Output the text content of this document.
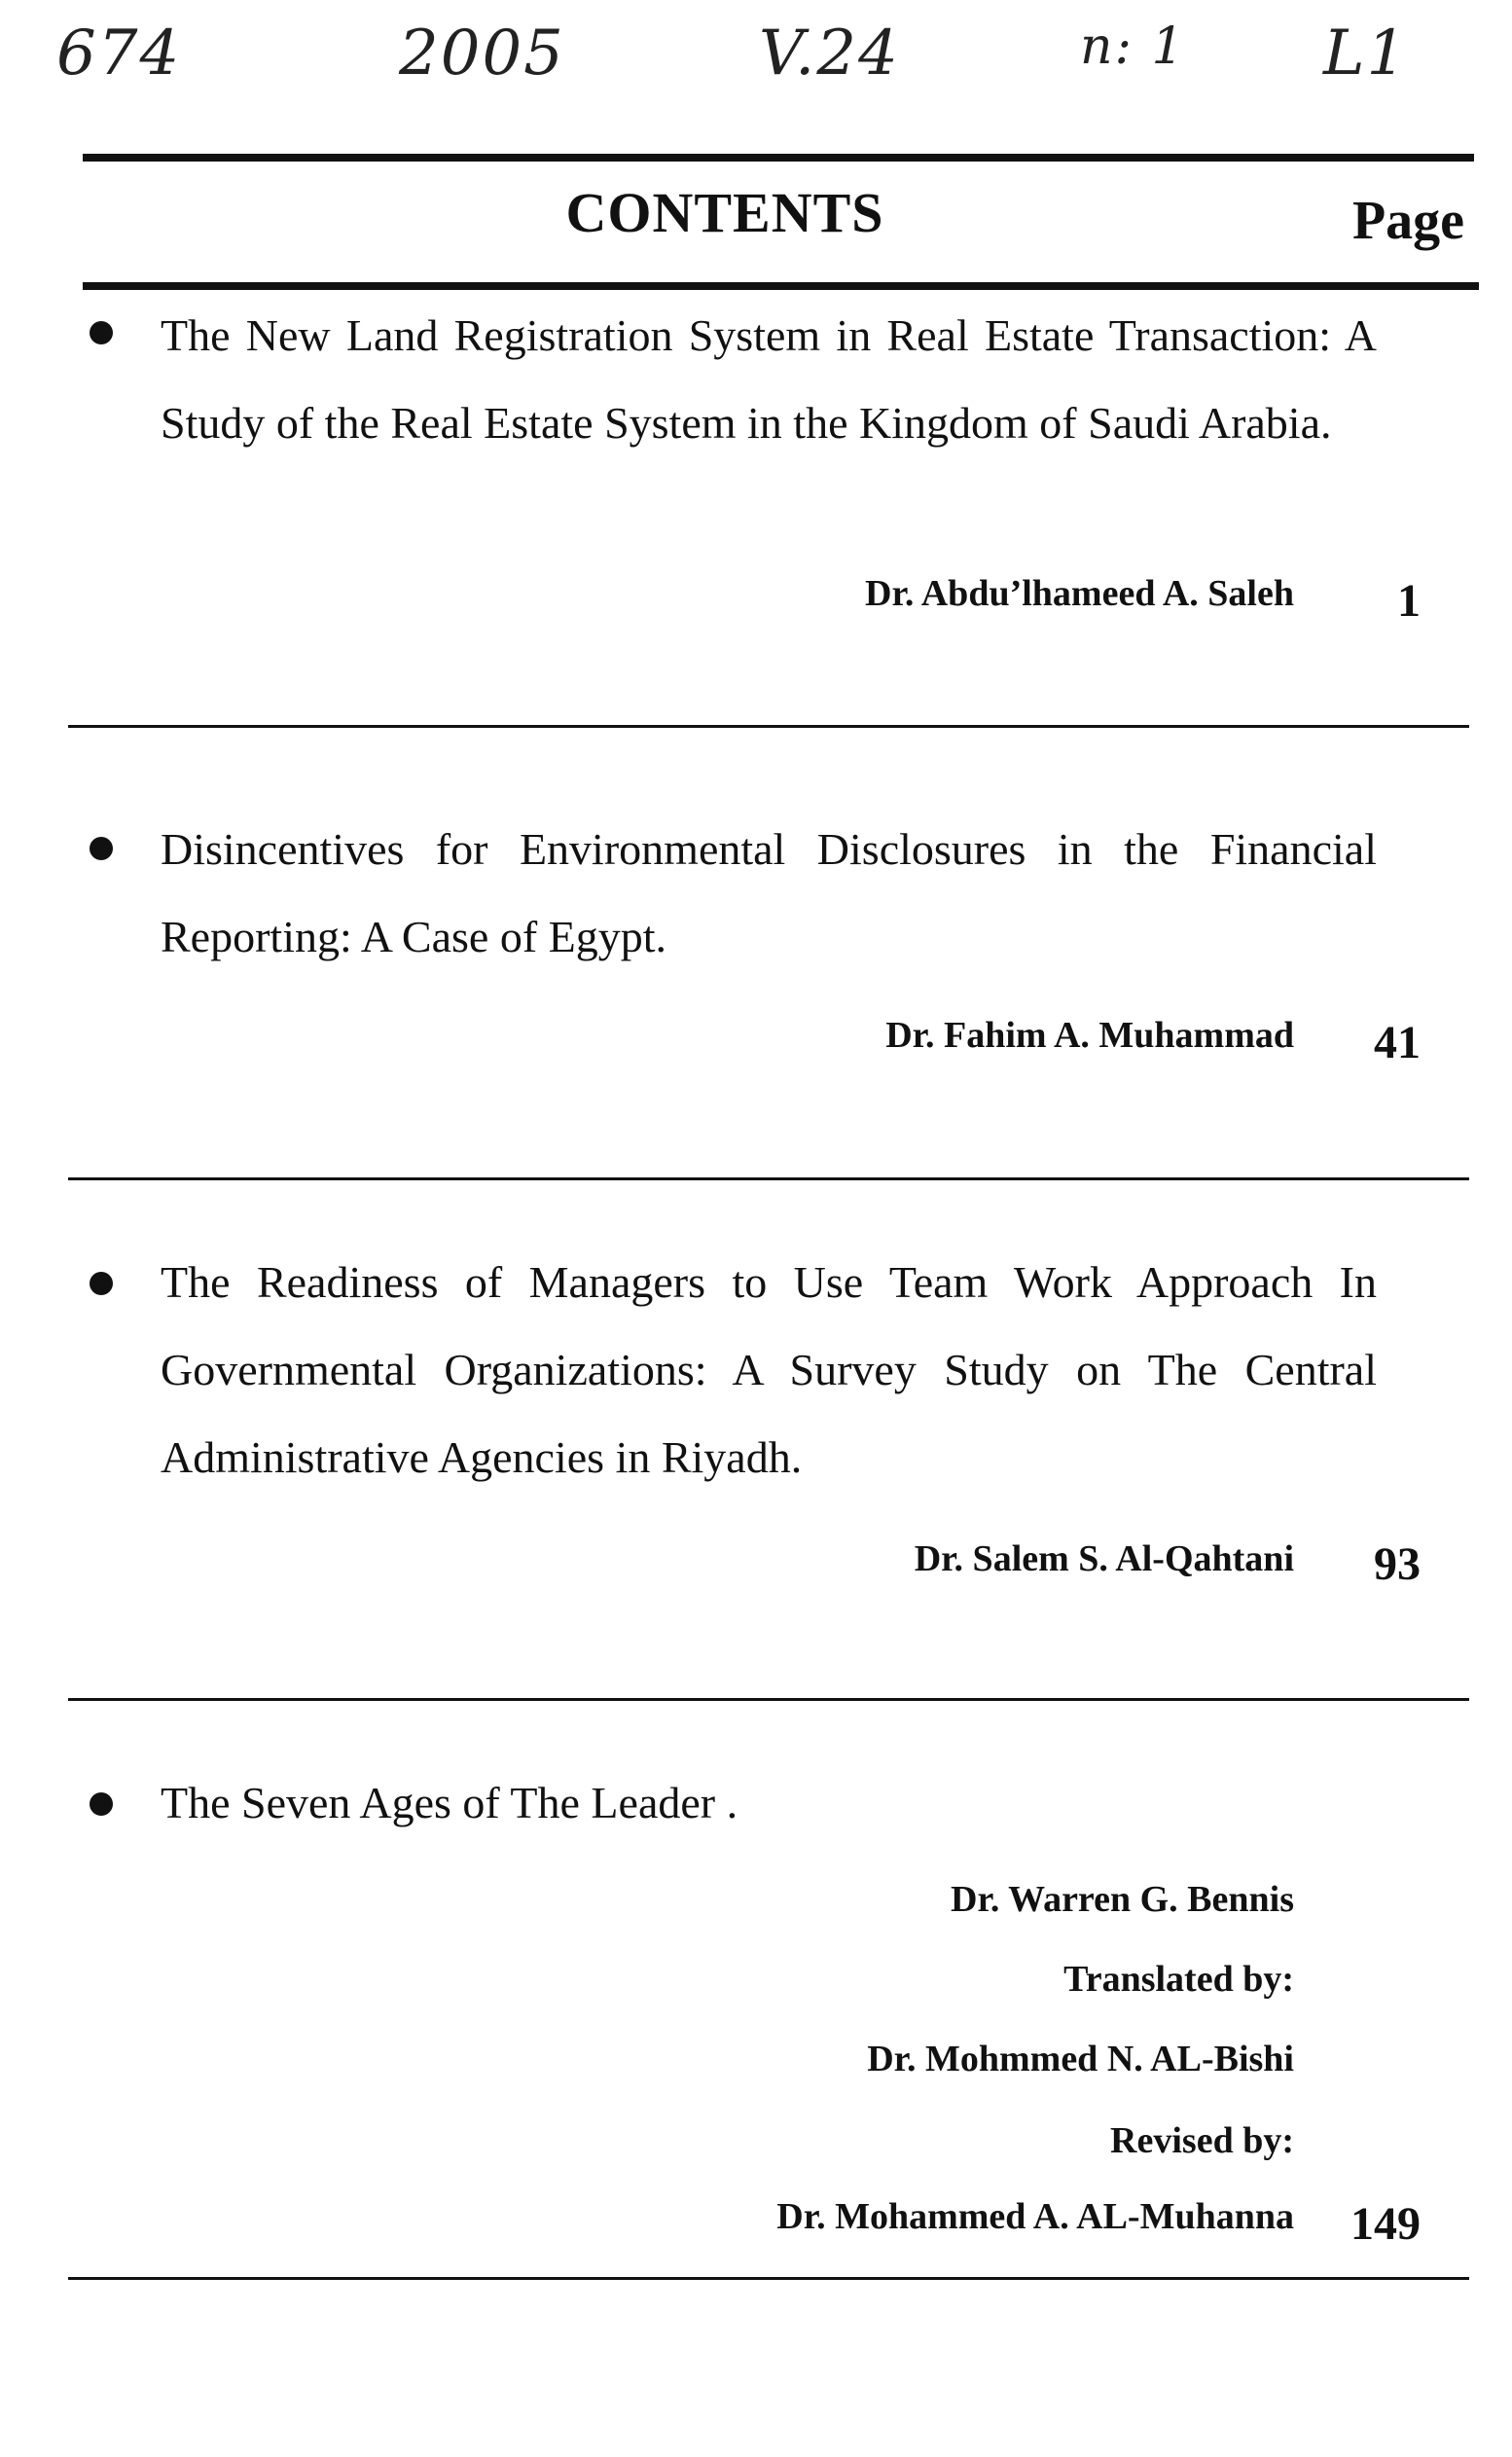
674	2005	V.24	n: 1 L1
CONTENTS	Page
The New Land Registration System in Real Estate Transaction: A Study of the Real Estate System in the Kingdom of Saudi Arabia.
Dr. Abdu’lhameed A. Saleh	1
Disincentives for Environmental Disclosures in the Financial Reporting: A Case of Egypt.
Dr. Fahim A. Muhammad	41
The Readiness of Managers to Use Team Work Approach In Governmental Organizations: A Survey Study on The Central Administrative Agencies in Riyadh.
Dr. Salem S. Al-Qahtani	93
The Seven Ages of The Leader .
Dr. Warren G. Bennis
Translated by:
Dr. Mohmmed N. AL-Bishi
Revised by:
Dr. Mohammed A. AL-Muhanna	149
